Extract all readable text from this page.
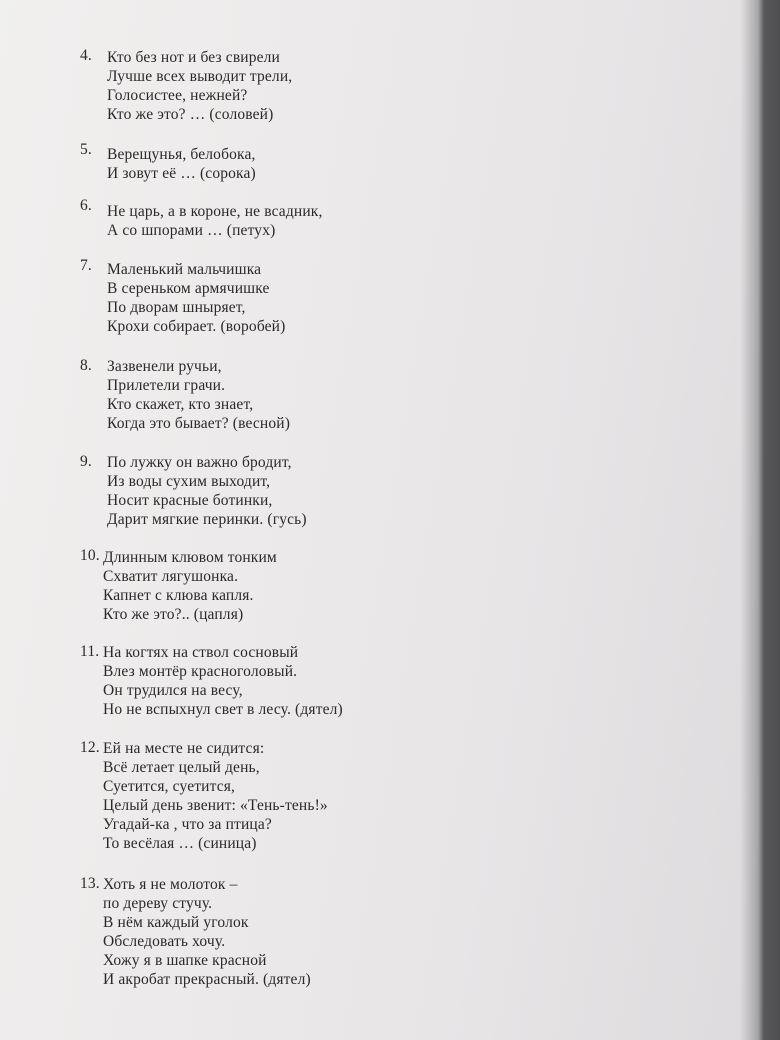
4. Кто без нот и без свирели
Лучше всех выводит трели,
Голосистее, нежней?
Кто же это? … (соловей)
5. Верещунья, белобока,
И зовут её … (сорока)
6. Не царь, а в короне, не всадник,
А со шпорами … (петух)
7. Маленький мальчишка
В сереньком армячишке
По дворам шныряет,
Крохи собирает. (воробей)
8. Зазвенели ручьи,
Прилетели грачи.
Кто скажет, кто знает,
Когда это бывает? (весной)
9. По лужку он важно бродит,
Из воды сухим выходит,
Носит красные ботинки,
Дарит мягкие перинки. (гусь)
10. Длинным клювом тонким
Схватит лягушонка.
Капнет с клюва капля.
Кто же это?.. (цапля)
11. На когтях на ствол сосновый
Влез монтёр красноголовый.
Он трудился на весу,
Но не вспыхнул свет в лесу. (дятел)
12. Ей на месте не сидится:
Всё летает целый день,
Суетится, суетится,
Целый день звенит: «Тень-тень!»
Угадай-ка , что за птица?
То весёлая … (синица)
13. Хоть я не молоток –
по дереву стучу.
В нём каждый уголок
Обследовать хочу.
Хожу я в шапке красной
И акробат прекрасный. (дятел)
